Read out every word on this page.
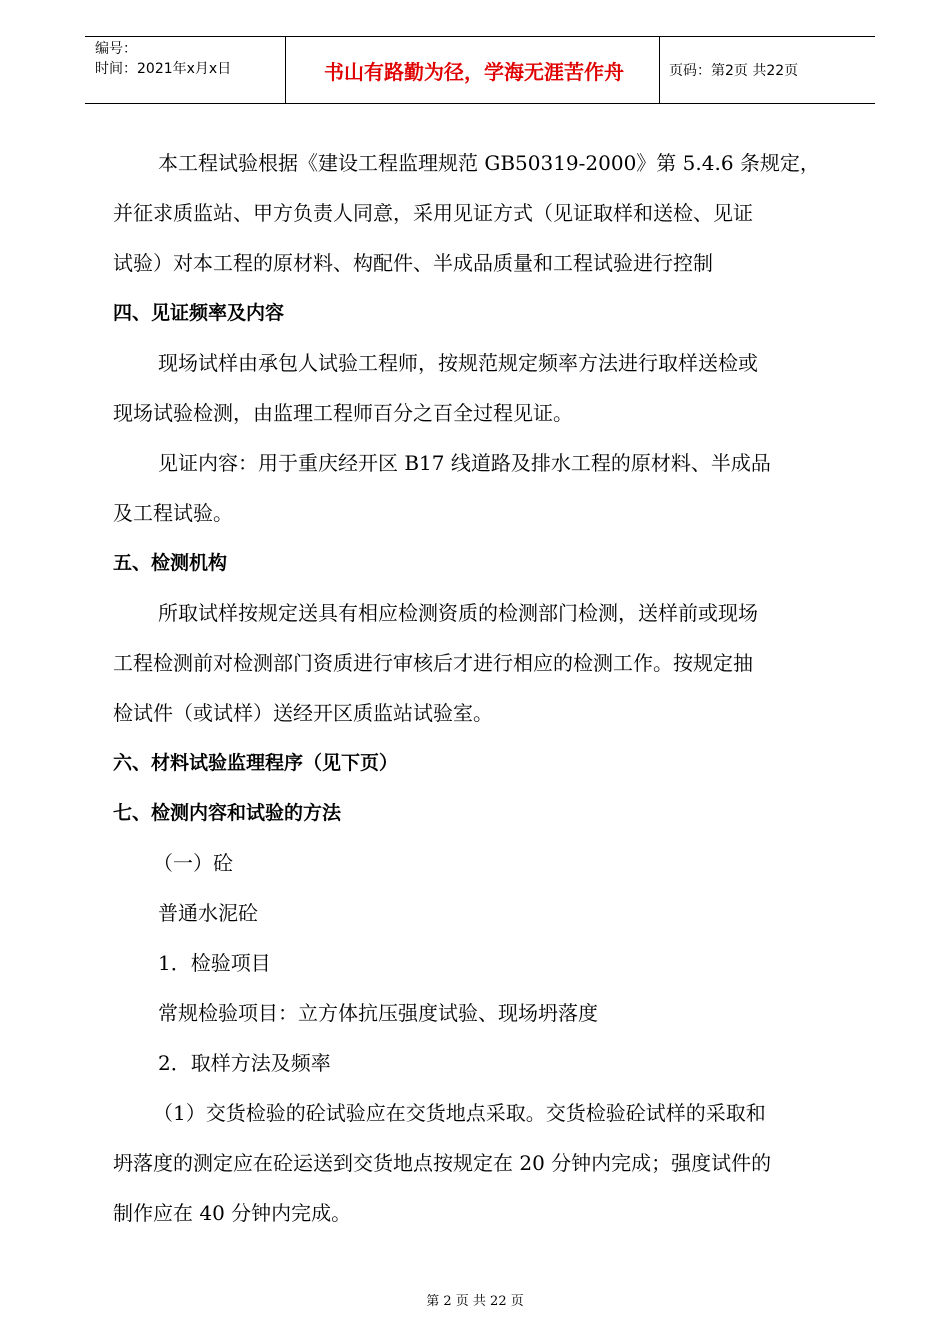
编号：
时间：2021年x月x日	书山有路勤为径，学海无涯苦作舟	页码：第2页 共22页
本工程试验根据《建设工程监理规范 GB50319-2000》第 5.4.6 条规定，
并征求质监站、甲方负责人同意，采用见证方式（见证取样和送检、见证
试验）对本工程的原材料、构配件、半成品质量和工程试验进行控制
四、见证频率及内容
现场试样由承包人试验工程师，按规范规定频率方法进行取样送检或
现场试验检测，由监理工程师百分之百全过程见证。
见证内容：用于重庆经开区 B17 线道路及排水工程的原材料、半成品
及工程试验。
五、检测机构
所取试样按规定送具有相应检测资质的检测部门检测，送样前或现场
工程检测前对检测部门资质进行审核后才进行相应的检测工作。按规定抽
检试件（或试样）送经开区质监站试验室。
六、材料试验监理程序（见下页）
七、检测内容和试验的方法
（一）砼
普通水泥砼
1．检验项目
常规检验项目：立方体抗压强度试验、现场坍落度
2．取样方法及频率
（1）交货检验的砼试验应在交货地点采取。交货检验砼试样的采取和
坍落度的测定应在砼运送到交货地点按规定在 20 分钟内完成；强度试件的
制作应在 40 分钟内完成。
第 2 页 共 22 页
